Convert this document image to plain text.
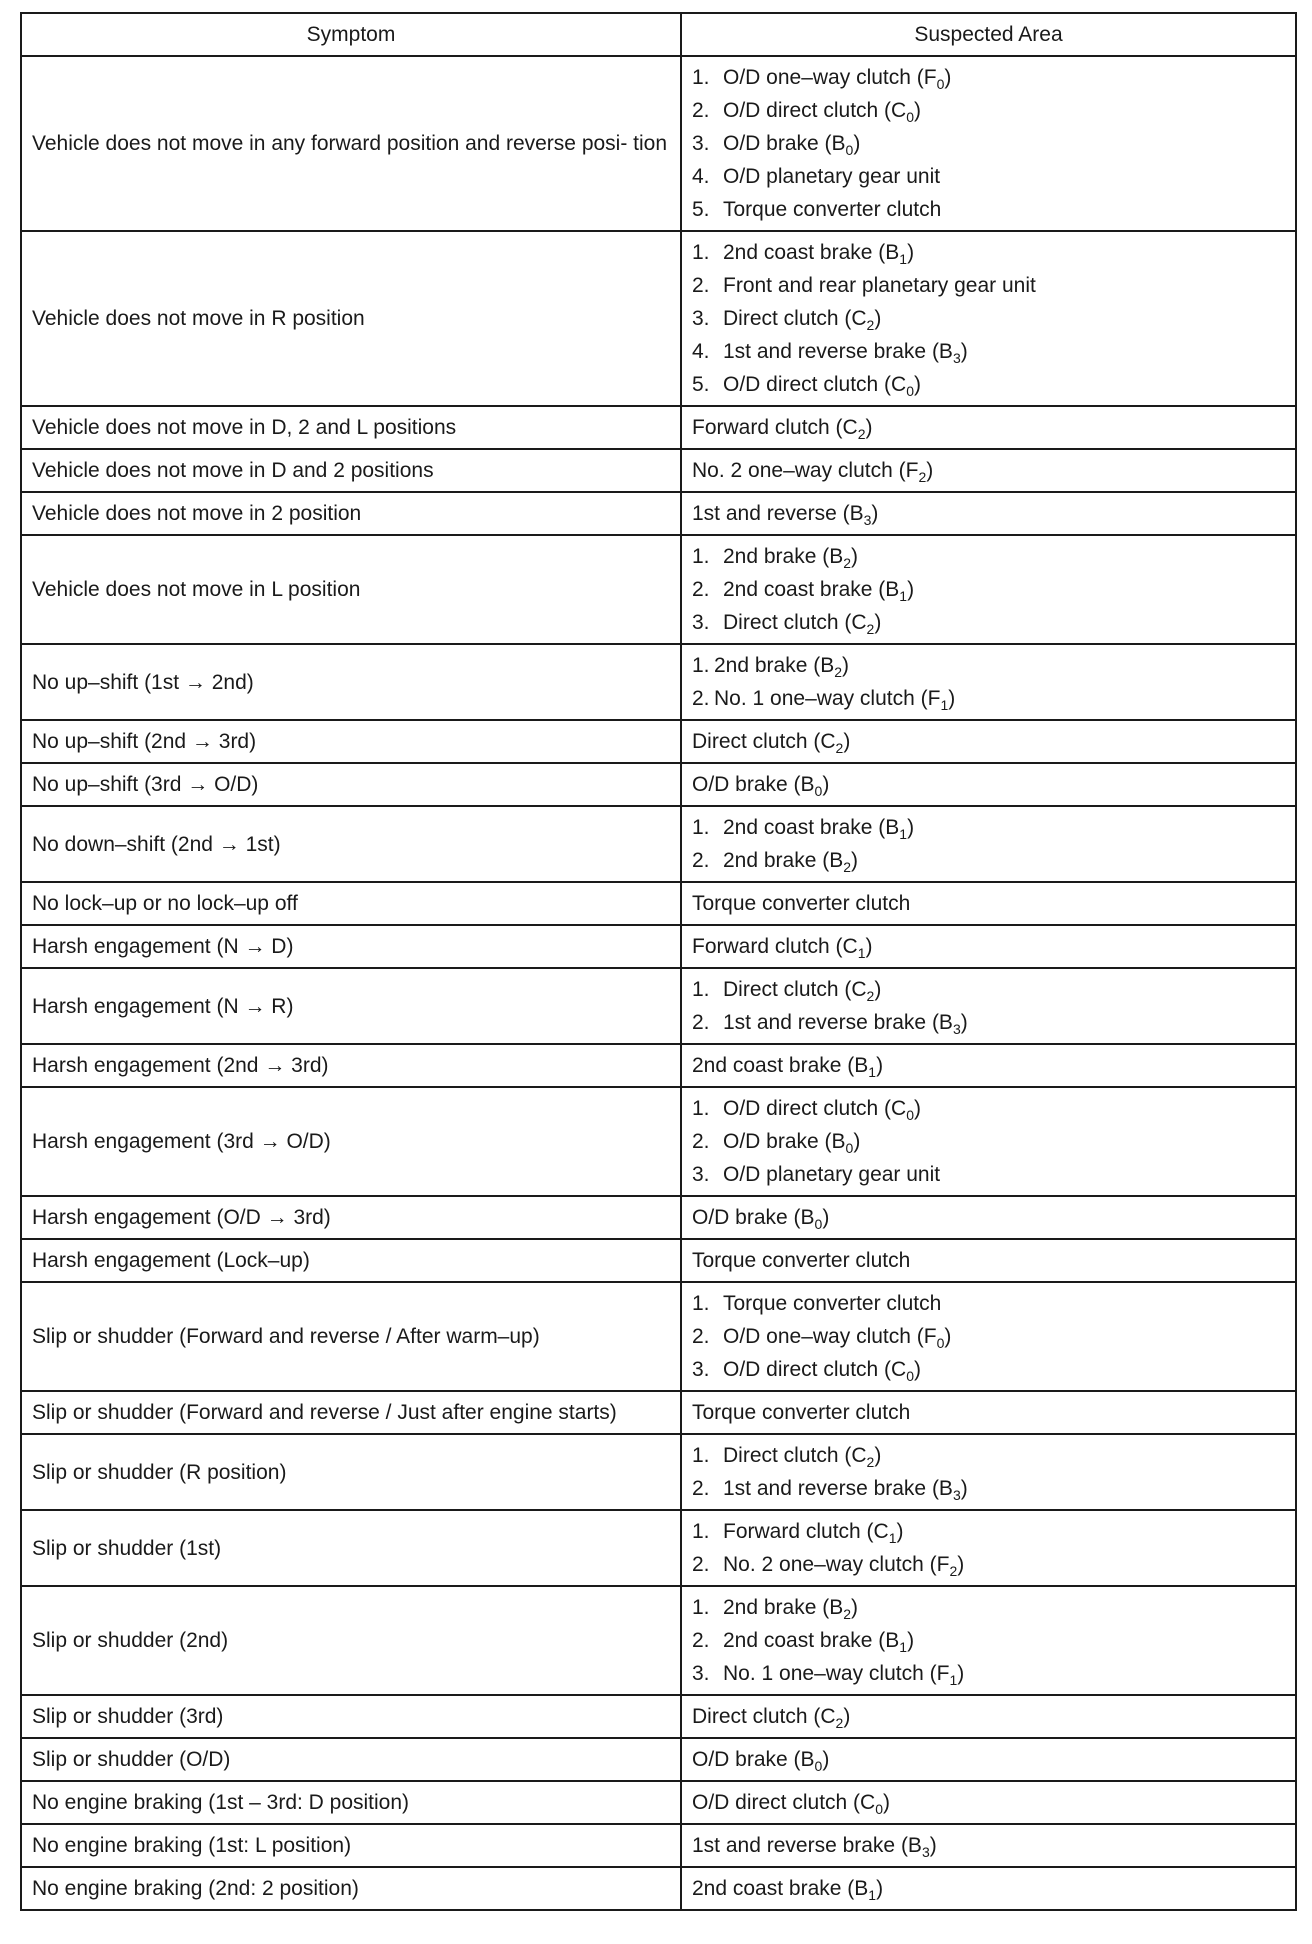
Symptom	Suspected Area
Vehicle does not move in any forward position and reverse posi- tion	1. O/D one–way clutch $(F_0)$
2. O/D direct clutch $(C_0)$
3. O/D brake $(B_0)$
4. O/D planetary gear unit
5. Torque converter clutch

Vehicle does not move in R position	1. 2nd coast brake $(B_1)$
2. Front and rear planetary gear unit
3. Direct clutch $(C_2)$
4. 1st and reverse brake $(B_3)$
5. O/D direct clutch $(C_0)$

Vehicle does not move in D, 2 and L positions	Forward clutch $(C_2)$

Vehicle does not move in D and 2 positions	No. 2 one–way clutch $(F_2)$

Vehicle does not move in 2 position	1st and reverse $(B_3)$

Vehicle does not move in L position	1. 2nd brake $(B_2)$
2. 2nd coast brake $(B_1)$
3. Direct clutch $(C_2)$

No up–shift (1st → 2nd)	1. 2nd brake $(B_2)$
2. No. 1 one–way clutch $(F_1)$

No up–shift (2nd → 3rd)	Direct clutch $(C_2)$

No up–shift (3rd → O/D)	O/D brake $(B_0)$

No down–shift (2nd → 1st)	1. 2nd coast brake $(B_1)$
2. 2nd brake $(B_2)$

No lock–up or no lock–up off	Torque converter clutch

Harsh engagement (N → D)	Forward clutch $(C_1)$

Harsh engagement (N → R)	1. Direct clutch $(C_2)$
2. 1st and reverse brake $(B_3)$

Harsh engagement (2nd → 3rd)	2nd coast brake $(B_1)$

Harsh engagement (3rd → O/D)	1. O/D direct clutch $(C_0)$
2. O/D brake $(B_0)$
3. O/D planetary gear unit

Harsh engagement (O/D → 3rd)	O/D brake $(B_0)$

Harsh engagement (Lock–up)	Torque converter clutch

Slip or shudder (Forward and reverse / After warm–up)	1. Torque converter clutch
2. O/D one–way clutch $(F_0)$
3. O/D direct clutch $(C_0)$

Slip or shudder (Forward and reverse / Just after engine starts)	Torque converter clutch

Slip or shudder (R position)	1. Direct clutch $(C_2)$
2. 1st and reverse brake $(B_3)$

Slip or shudder (1st)	1. Forward clutch $(C_1)$
2. No. 2 one–way clutch $(F_2)$

Slip or shudder (2nd)	1. 2nd brake $(B_2)$
2. 2nd coast brake $(B_1)$
3. No. 1 one–way clutch $(F_1)$

Slip or shudder (3rd)	Direct clutch $(C_2)$

Slip or shudder (O/D)	O/D brake $(B_0)$

No engine braking (1st – 3rd: D position)	O/D direct clutch $(C_0)$

No engine braking (1st: L position)	1st and reverse brake $(B_3)$

No engine braking (2nd: 2 position)	2nd coast brake $(B_1)$
